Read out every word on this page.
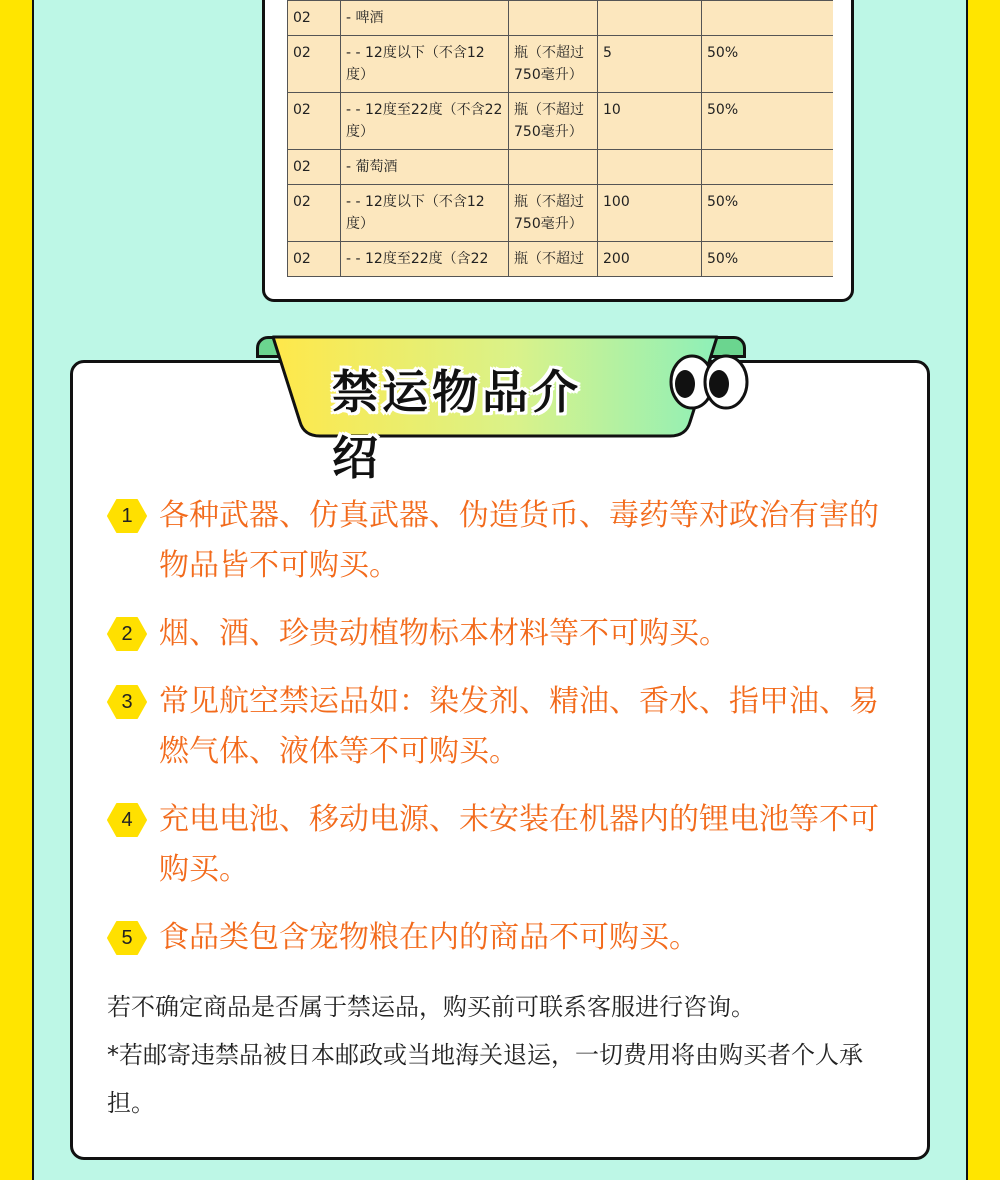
02	- 啤酒			
02	- - 12度以下（不含12度）	瓶（不超过750毫升）	5	50%
02	- - 12度至22度（不含22度）	瓶（不超过750毫升）	10	50%
02	- 葡萄酒			
02	- - 12度以下（不含12度）	瓶（不超过750毫升）	100	50%
02	- - 12度至22度（含22	瓶（不超过	200	50%
1 各种武器、仿真武器、伪造货币、毒药等对政治有害的物品皆不可购买。
2 烟、酒、珍贵动植物标本材料等不可购买。
3 常见航空禁运品如：染发剂、精油、香水、指甲油、易燃气体、液体等不可购买。
4 充电电池、移动电源、未安装在机器内的锂电池等不可购买。
5 食品类包含宠物粮在内的商品不可购买。

若不确定商品是否属于禁运品，购买前可联系客服进行咨询。

*若邮寄违禁品被日本邮政或当地海关退运，一切费用将由购买者个人承担。

禁运物品介绍
